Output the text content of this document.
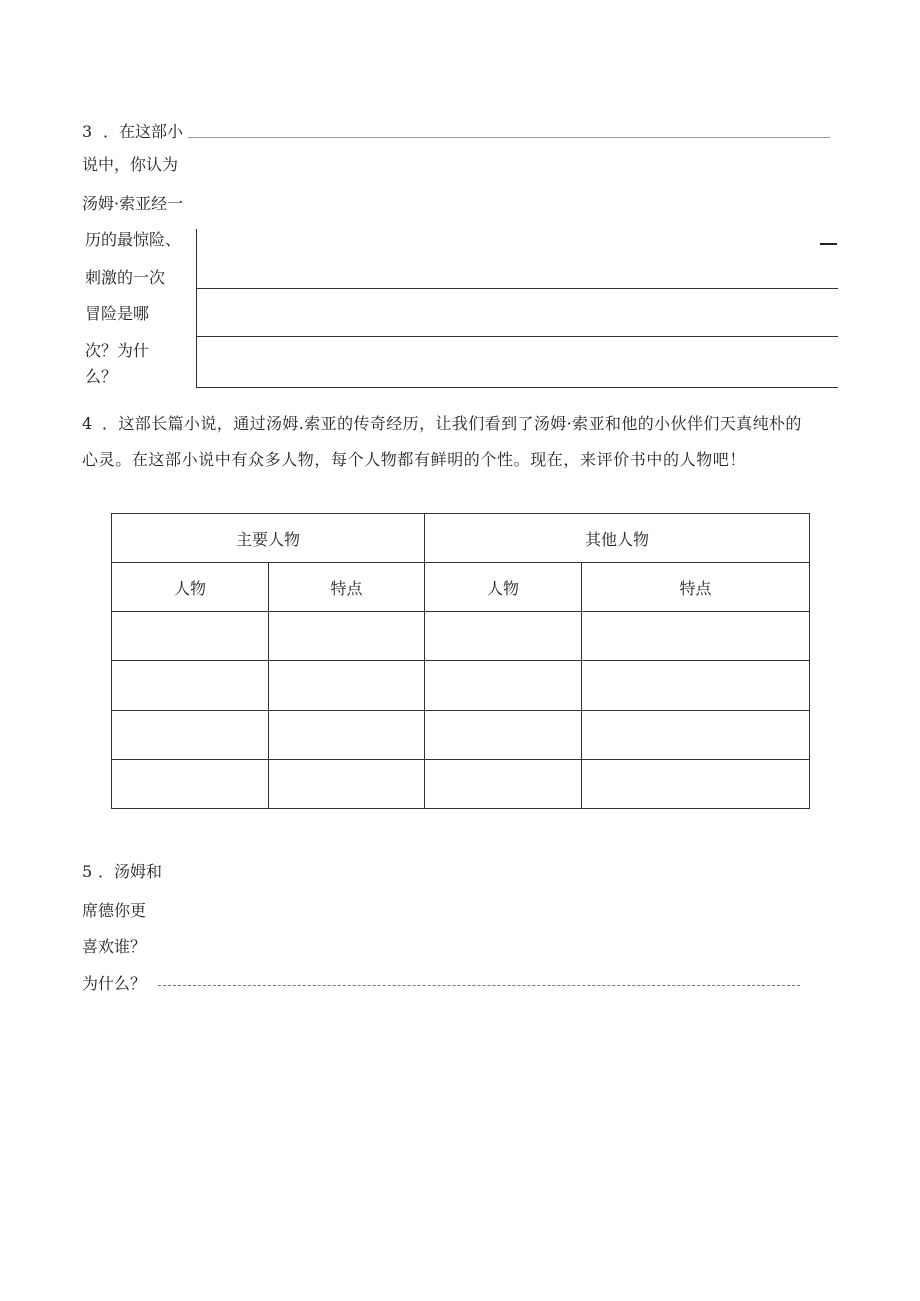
3 ．在这部小
说中，你认为
汤姆·索亚经一
历的最惊险、
刺激的一次
冒险是哪
次？为什
么？
4 ．这部长篇小说，通过汤姆.索亚的传奇经历，让我们看到了汤姆·索亚和他的小伙伴们天真纯朴的
心灵。在这部小说中有众多人物，每个人物都有鲜明的个性。现在，来评价书中的人物吧！
主要人物		其他人物	
人物	特点	人物	特点

5 ．汤姆和
席德你更
喜欢谁？
为什么？
